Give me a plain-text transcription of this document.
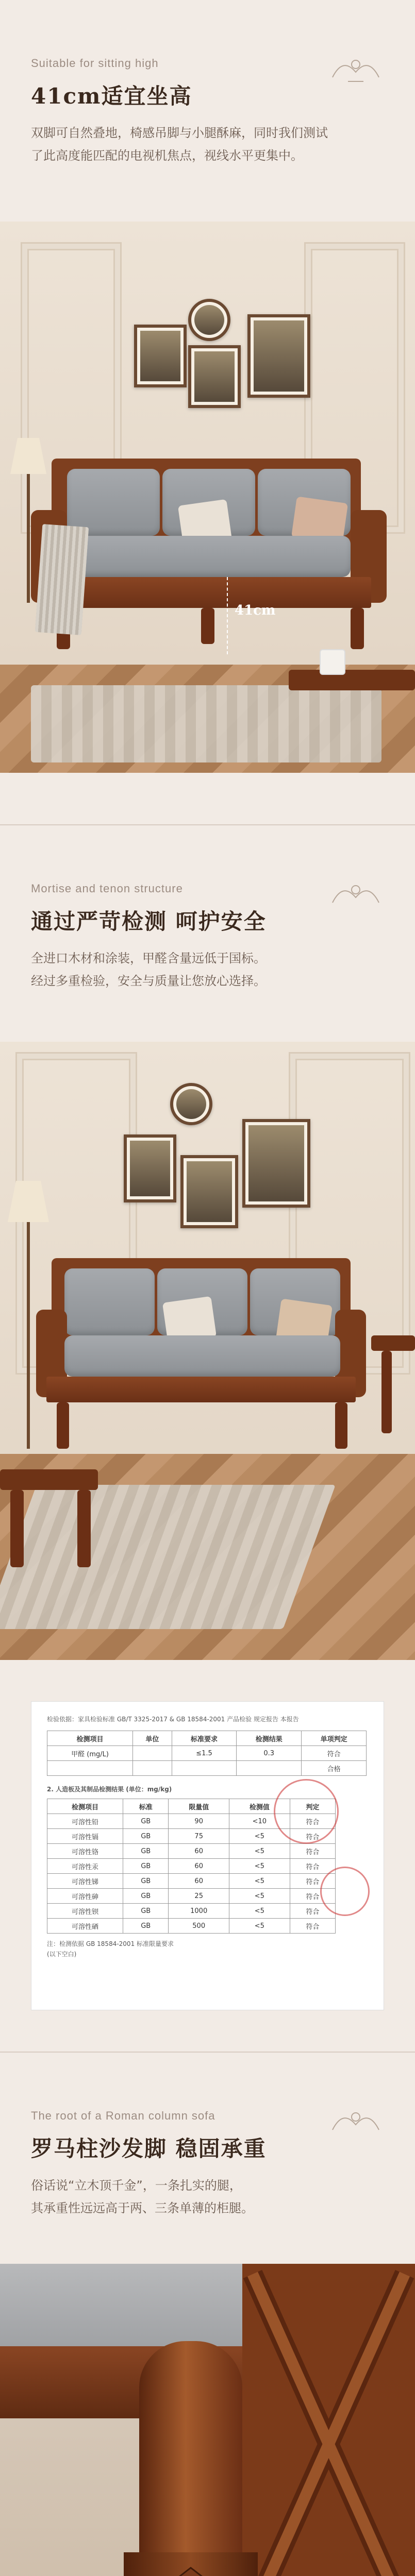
Suitable for sitting high
41cm适宜坐高
双脚可自然叠地，椅感吊脚与小腿酥麻，同时我们测试
了此高度能匹配的电视机焦点，视线水平更集中。
41cm
Mortise and tenon structure
通过严苛检测 呵护安全
全进口木材和涂装，甲醛含量远低于国标。
经过多重检验，安全与质量让您放心选择。
检验依据：家具检验标准 GB/T 3325-2017 & GB 18584-2001 产品检验 规定报告 本报告
检测项目	单位	标准要求	检测结果	单项判定
甲醛 (mg/L)		≤1.5	0.3	符合
				合格
2. 人造板及其制品检测结果 (单位：mg/kg)
检测项目	标准	限量值	检测值	判定
可溶性铅	GB	90	<10	符合
可溶性镉	GB	75	<5	符合
可溶性铬	GB	60	<5	符合
可溶性汞	GB	60	<5	符合
可溶性锑	GB	60	<5	符合
可溶性砷	GB	25	<5	符合
可溶性钡	GB	1000	<5	符合
可溶性硒	GB	500	<5	符合
注：检测依据 GB 18584-2001 标准限量要求
(以下空白)
The root of a Roman column sofa
罗马柱沙发脚 稳固承重
俗话说“立木顶千金”，一条扎实的腿，
其承重性远远高于两、三条单薄的柜腿。
